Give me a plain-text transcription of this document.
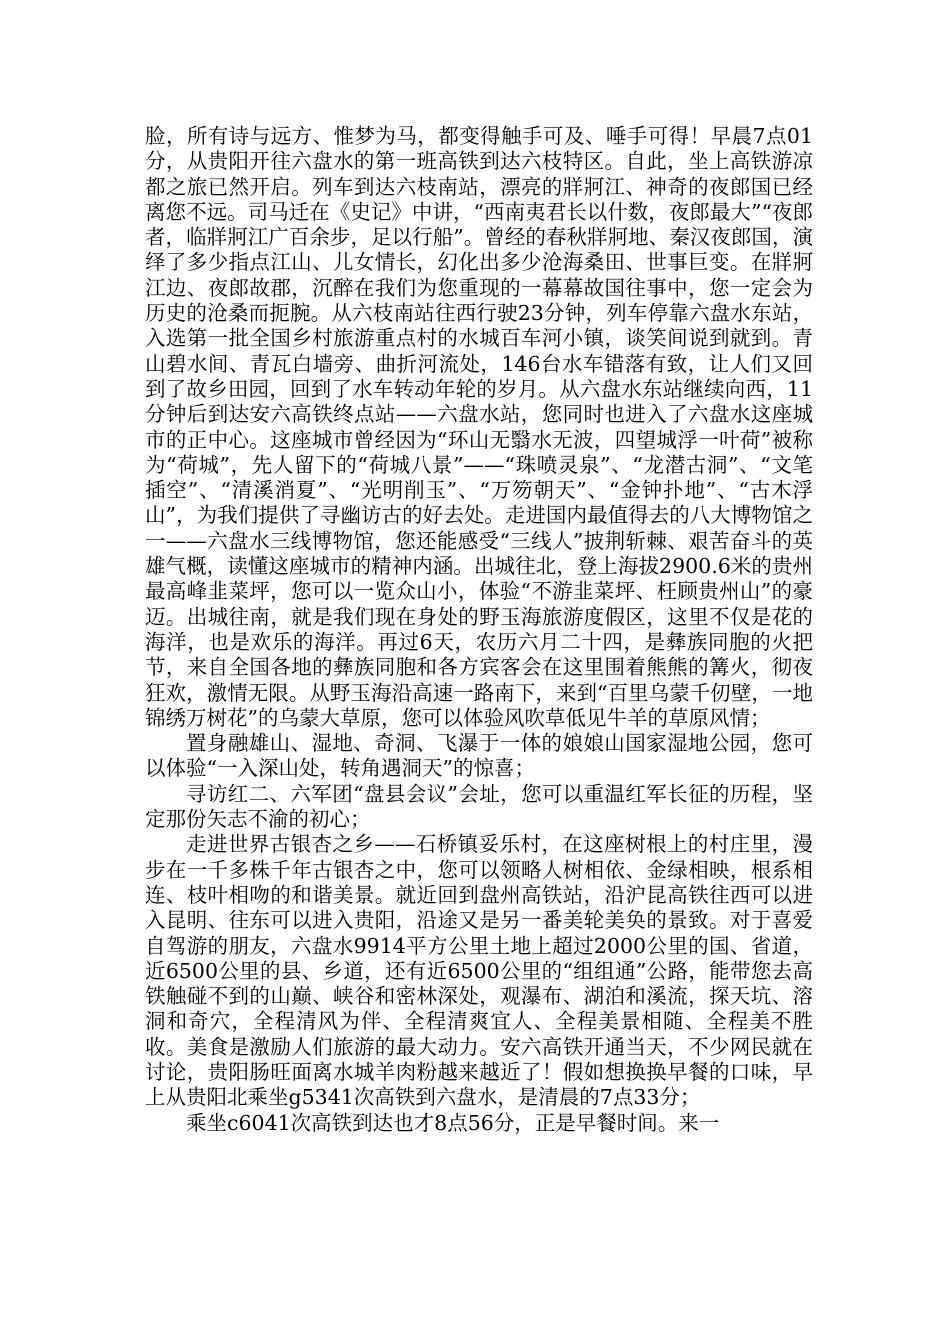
脸，所有诗与远方、惟梦为马，都变得触手可及、唾手可得！早晨7点01分，从贵阳开往六盘水的第一班高铁到达六枝特区。自此，坐上高铁游凉都之旅已然开启。列车到达六枝南站，漂亮的牂牁江、神奇的夜郎国已经离您不远。司马迁在《史记》中讲，“西南夷君长以什数，夜郎最大”“夜郎者，临牂牁江广百余步，足以行船”。曾经的春秋牂牁地、秦汉夜郎国，演绎了多少指点江山、儿女情长，幻化出多少沧海桑田、世事巨变。在牂牁江边、夜郎故郡，沉醉在我们为您重现的一幕幕故国往事中，您一定会为历史的沧桑而扼腕。从六枝南站往西行驶23分钟，列车停靠六盘水东站，入选第一批全国乡村旅游重点村的水城百车河小镇，谈笑间说到就到。青山碧水间、青瓦白墙旁、曲折河流处，146台水车错落有致，让人们又回到了故乡田园，回到了水车转动年轮的岁月。从六盘水东站继续向西，11分钟后到达安六高铁终点站——六盘水站，您同时也进入了六盘水这座城市的正中心。这座城市曾经因为“环山无翳水无波，四望城浮一叶荷”被称为“荷城”，先人留下的“荷城八景”——“珠喷灵泉”、“龙潜古洞”、“文笔插空”、“清溪消夏”、“光明削玉”、“万笏朝天”、“金钟扑地”、“古木浮山”，为我们提供了寻幽访古的好去处。走进国内最值得去的八大博物馆之一——六盘水三线博物馆，您还能感受“三线人”披荆斩棘、艰苦奋斗的英雄气概，读懂这座城市的精神内涵。出城往北，登上海拔2900.6米的贵州最高峰韭菜坪，您可以一览众山小，体验“不游韭菜坪、枉顾贵州山”的豪迈。出城往南，就是我们现在身处的野玉海旅游度假区，这里不仅是花的海洋，也是欢乐的海洋。再过6天，农历六月二十四，是彝族同胞的火把节，来自全国各地的彝族同胞和各方宾客会在这里围着熊熊的篝火，彻夜狂欢，激情无限。从野玉海沿高速一路南下，来到“百里乌蒙千仞壁，一地锦绣万树花”的乌蒙大草原，您可以体验风吹草低见牛羊的草原风情；

置身融雄山、湿地、奇洞、飞瀑于一体的娘娘山国家湿地公园，您可以体验“一入深山处，转角遇洞天”的惊喜；

寻访红二、六军团“盘县会议”会址，您可以重温红军长征的历程，坚定那份矢志不渝的初心；

走进世界古银杏之乡——石桥镇妥乐村，在这座树根上的村庄里，漫步在一千多株千年古银杏之中，您可以领略人树相依、金绿相映，根系相连、枝叶相吻的和谐美景。就近回到盘州高铁站，沿沪昆高铁往西可以进入昆明、往东可以进入贵阳，沿途又是另一番美轮美奂的景致。对于喜爱自驾游的朋友，六盘水9914平方公里土地上超过2000公里的国、省道，近6500公里的县、乡道，还有近6500公里的“组组通”公路，能带您去高铁触碰不到的山巅、峡谷和密林深处，观瀑布、湖泊和溪流，探天坑、溶洞和奇穴，全程清风为伴、全程清爽宜人、全程美景相随、全程美不胜收。美食是激励人们旅游的最大动力。安六高铁开通当天，不少网民就在讨论，贵阳肠旺面离水城羊肉粉越来越近了！假如想换换早餐的口味，早上从贵阳北乘坐g5341次高铁到六盘水，是清晨的7点33分；

乘坐c6041次高铁到达也才8点56分，正是早餐时间。来一
